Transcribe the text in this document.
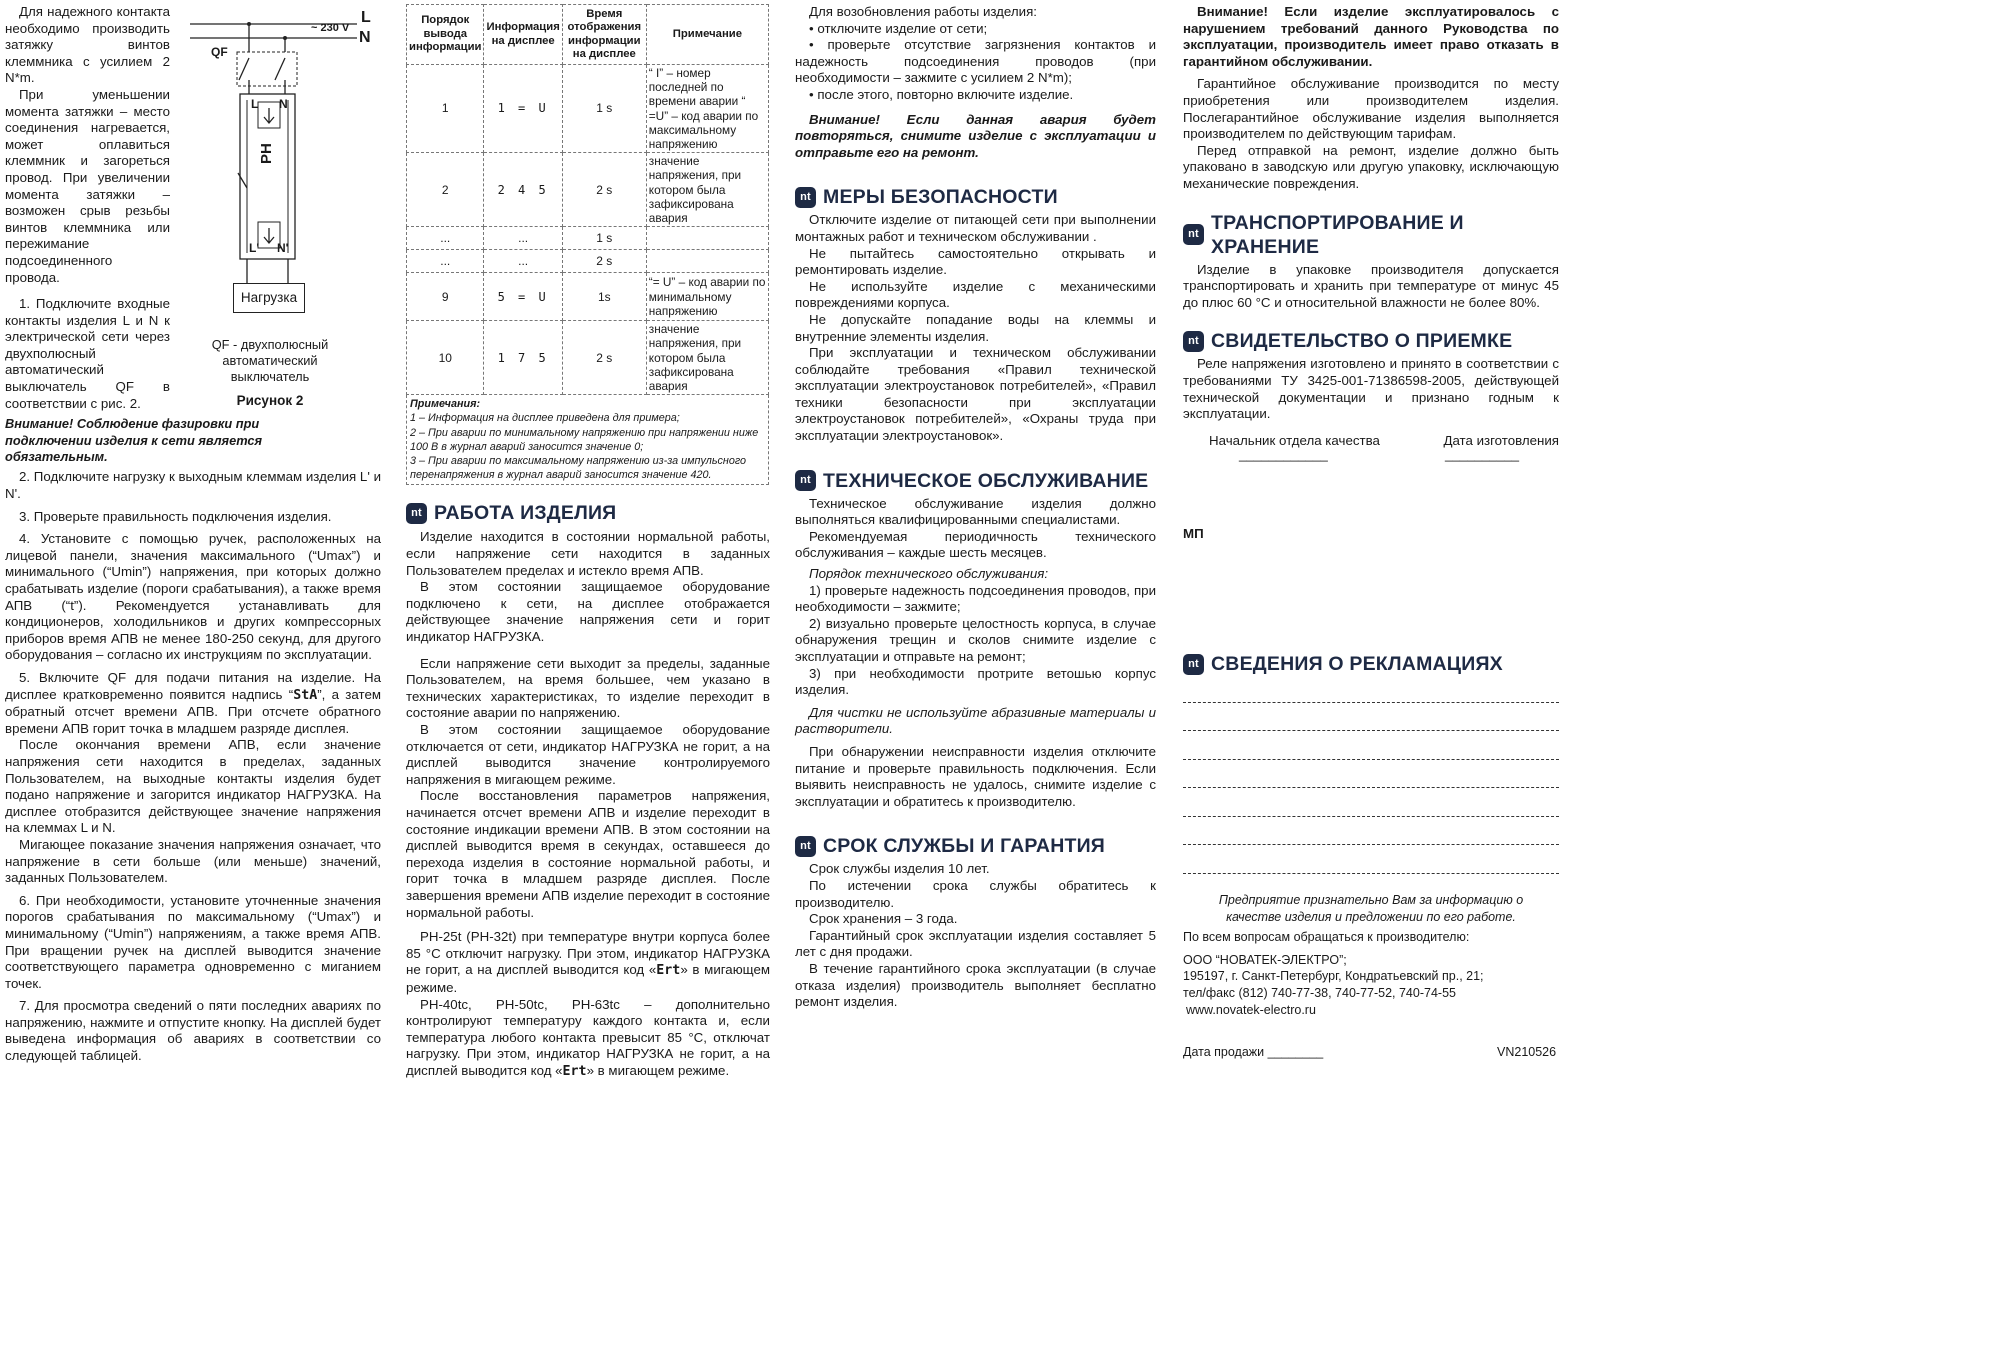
Для надежного контакта необходимо производить затяжку винтов клеммника с усилием 2 N*m.

При уменьшении момента затяжки – место соединения нагревается, может оплавиться клеммник и загореться провод. При увеличении момента затяжки – возможен срыв резьбы винтов клеммника или пережимание подсоединенного провода.

1. Подключите входные контакты изделия L и N к электрической сети через двухполюсный автоматический выключатель QF в соответствии с рис. 2.

Внимание! Соблюдение фазировки при подключении изделия к сети является обязательным.

2. Подключите нагрузку к выходным клеммам изделия L' и N'.

3. Проверьте правильность подключения изделия.

4. Установите с помощью ручек, расположенных на лицевой панели, значения максимального (“Umax”) и минимального (“Umin”) напряжения, при которых должно срабатывать изделие (пороги срабатывания), а также время АПВ (“t”). Рекомендуется устанавливать для кондиционеров, холодильников и других компрессорных приборов время АПВ не менее 180-250 секунд, для другого оборудования – согласно их инструкциям по эксплуатации.

5. Включите QF для подачи питания на изделие. На дисплее кратковременно появится надпись “StA”, а затем обратный отсчет времени АПВ. При отсчете обратного времени АПВ горит точка в младшем разряде дисплея.

После окончания времени АПВ, если значение напряжения сети находится в пределах, заданных Пользователем, на выходные контакты изделия будет подано напряжение и загорится индикатор НАГРУЗКА. На дисплее отобразится действующее значение напряжения на клеммах L и N.

Мигающее показание значения напряжения означает, что напряжение в сети больше (или меньше) значений, заданных Пользователем.

6. При необходимости, установите уточненные значения порогов срабатывания по максимальному (“Umax”) и минимальному (“Umin”) напряжениям, а также время АПВ. При вращении ручек на дисплей выводится значение соответствующего параметра одновременно с миганием точек.

7. Для просмотра сведений о пяти последних авариях по напряжению, нажмите и отпустите кнопку. На дисплей будет выведена информация об авариях в соответствии со следующей таблицей.

~ 230 V
L
N
QF
L N
РН
L' N'
Нагрузка
QF - двухполюсный автоматический выключатель
Рисунок 2
Порядок вывода информации	Информация на дисплее	Время отображения информации на дисплее	Примечание
1	1 = U	1 s	“ I” – номер последней по времени аварии “ =U” – код аварии по максимальному напряжению
2	2 4 5	2 s	значение напряжения, при котором была зафиксирована авария
...	...	1 s	
...	...	2 s	
9	5 = U	1s	“= U” – код аварии по минимальному напряжению
10	1 7 5	2 s	значение напряжения, при котором была зафиксирована авария
Примечания:
1 – Информация на дисплее приведена для примера;
2 – При аварии по минимальному напряжению при напряжении ниже 100 В в журнал аварий заносится значение 0;
3 – При аварии по максимальному напряжению из-за импульсного перенапряжения в журнал аварий заносится значение 420.
nt РАБОТА ИЗДЕЛИЯ

Изделие находится в состоянии нормальной работы, если напряжение сети находится в заданных Пользователем пределах и истекло время АПВ.

В этом состоянии защищаемое оборудование подключено к сети, на дисплее отображается действующее значение напряжения сети и горит индикатор НАГРУЗКА.

Если напряжение сети выходит за пределы, заданные Пользователем, на время большее, чем указано в технических характеристиках, то изделие переходит в состояние аварии по напряжению.

В этом состоянии защищаемое оборудование отключается от сети, индикатор НАГРУЗКА не горит, а на дисплей выводится значение контролируемого напряжения в мигающем режиме.

После восстановления параметров напряжения, начинается отсчет времени АПВ и изделие переходит в состояние индикации времени АПВ. В этом состоянии на дисплей выводится время в секундах, оставшееся до перехода изделия в состояние нормальной работы, и горит точка в младшем разряде дисплея. После завершения времени АПВ изделие переходит в состояние нормальной работы.

РН-25t (РН-32t) при температуре внутри корпуса более 85 °С отключит нагрузку. При этом, индикатор НАГРУЗКА не горит, а на дисплей выводится код «Ert» в мигающем режиме.

РН-40tc, РН-50tc, РН-63tc – дополнительно контролируют температуру каждого контакта и, если температура любого контакта превысит 85 °С, отключат нагрузку. При этом, индикатор НАГРУЗКА не горит, а на дисплей выводится код «Ert» в мигающем режиме.

Для возобновления работы изделия:

• отключите изделие от сети;

• проверьте отсутствие загрязнения контактов и надежность подсоединения проводов (при необходимости – зажмите с усилием 2 N*m);

• после этого, повторно включите изделие.

Внимание! Если данная авария будет повторяться, снимите изделие с эксплуатации и отправьте его на ремонт.

nt МЕРЫ БЕЗОПАСНОСТИ

Отключите изделие от питающей сети при выполнении монтажных работ и техническом обслуживании .

Не пытайтесь самостоятельно открывать и ремонтировать изделие.

Не используйте изделие с механическими повреждениями корпуса.

Не допускайте попадание воды на клеммы и внутренние элементы изделия.

При эксплуатации и техническом обслуживании соблюдайте требования «Правил технической эксплуатации электроустановок потребителей», «Правил техники безопасности при эксплуатации электроустановок потребителей», «Охраны труда при эксплуатации электроустановок».

nt ТЕХНИЧЕСКОЕ ОБСЛУЖИВАНИЕ

Техническое обслуживание изделия должно выполняться квалифицированными специалистами.

Рекомендуемая периодичность технического обслуживания – каждые шесть месяцев.

Порядок технического обслуживания:

1) проверьте надежность подсоединения проводов, при необходимости – зажмите;

2) визуально проверьте целостность корпуса, в случае обнаружения трещин и сколов снимите изделие с эксплуатации и отправьте на ремонт;

3) при необходимости протрите ветошью корпус изделия.

Для чистки не используйте абразивные материалы и растворители.

При обнаружении неисправности изделия отключите питание и проверьте правильность подключения. Если выявить неисправность не удалось, снимите изделие с эксплуатации и обратитесь к производителю.

nt СРОК СЛУЖБЫ И ГАРАНТИЯ

Срок службы изделия 10 лет.

По истечении срока службы обратитесь к производителю.

Срок хранения – 3 года.

Гарантийный срок эксплуатации изделия составляет 5 лет с дня продажи.

В течение гарантийного срока эксплуатации (в случае отказа изделия) производитель выполняет бесплатно ремонт изделия.

Внимание! Если изделие эксплуатировалось с нарушением требований данного Руководства по эксплуатации, производитель имеет право отказать в гарантийном обслуживании.

Гарантийное обслуживание производится по месту приобретения или производителем изделия. Послегарантийное обслуживание изделия выполняется производителем по действующим тарифам.

Перед отправкой на ремонт, изделие должно быть упаковано в заводскую или другую упаковку, исключающую механические повреждения.

nt
ТРАНСПОРТИРОВАНИЕ И ХРАНЕНИЕ

Изделие в упаковке производителя допускается транспортировать и хранить при температуре от минус 45 до плюс 60 °С и относительной влажности не более 80%.

nt СВИДЕТЕЛЬСТВО О ПРИЕМКЕ

Реле напряжения изготовлено и принято в соответствии с требованиями ТУ 3425-001-71386598-2005, действующей технической документации и признано годным к эксплуатации.

Начальник отдела качества	Дата изготовления
____________	__________

МП

nt СВЕДЕНИЯ О РЕКЛАМАЦИЯХ

Предприятие признательно Вам за информацию о качестве изделия и предложении по его работе.

По всем вопросам обращаться к производителю:

ООО “НОВАТЕК-ЭЛЕКТРО”;

195197, г. Санкт-Петербург, Кондратьевский пр., 21;

тел/факс (812) 740-77-38, 740-77-52, 740-74-55

www.novatek-electro.ru

Дата продажи ________	VN210526
